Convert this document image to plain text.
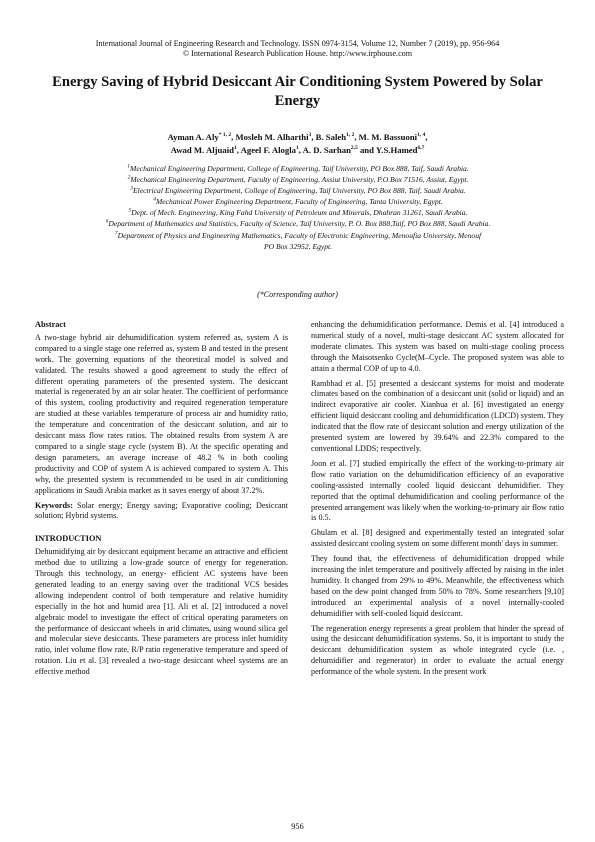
International Journal of Engineering Research and Technology. ISSN 0974-3154, Volume 12, Number 7 (2019), pp. 956-964
© International Research Publication House. http://www.irphouse.com
Energy Saving of Hybrid Desiccant Air Conditioning System Powered by Solar Energy
Ayman A. Aly$^{* 1, 2}$, Mosleh M. Alharthi$^3$, B. Saleh$^{1, 2}$, M. M. Bassuoni$^{1, 4}$,
Awad M. Aljuaid$^1$, Ageel F. Alogla$^1$, A. D. Sarhan$^{2,5}$ and Y.S.Hamed$^{6,7}$
$^1$Mechanical Engineering Department, College of Engineering, Taif University, PO Box 888, Taif, Saudi Arabia.
$^2$Mechanical Engineering Department, Faculty of Engineering, Assiut University, P.O.Box 71516, Assiut, Egypt.
$^3$Electrical Engineering Department, College of Engineering, Taif University, PO Box 888, Taif, Saudi Arabia.
$^4$Mechanical Power Engineering Department, Faculty of Engineering, Tanta University, Egypt.
$^5$Dept. of Mech. Engineering, King Fahd University of Petroleum and Minerals, Dhahran 31261, Saudi Arabia.
$^6$Department of Mathematics and Statistics, Faculty of Science, Taif University, P. O. Box 888,Taif, PO Box 888, Saudi Arabia.
$^7$Department of Physics and Engineering Mathematics, Faculty of Electronic Engineering, Menoufia University, Menouf
PO Box 32952, Egypt.
(*Corresponding author)
Abstract

A two-stage hybrid air dehumidification system referred as, system A is compared to a single stage one referred as, system B and tested in the present work. The governing equations of the theoretical model is solved and validated. The results showed a good agreement to study the effect of different operating parameters of the presented system. The desiccant material is regenerated by an air solar heater. The coefficient of performance of this system, cooling productivity and required regeneration temperature are studied at these variables temperature of process air and humidity ratio, the temperature and concentration of the desiccant solution, and air to desiccant mass flow rates ratios. The obtained results from system A are compared to a single stage cycle (system B). At the specific operating and design parameters, an average increase of 48.2 % in both cooling productivity and COP of system A is achieved compared to system A. This why, the presented system is recommended to be used in air conditioning applications in Saudi Arabia market as it saves energy of about 37.2%.

Keywords: Solar energy; Energy saving; Evaporative cooling; Desiccant solution; Hybrid systems.

INTRODUCTION

Dehumidifying air by desiccant equipment became an attractive and efficient method due to utilizing a low-grade source of energy for regeneration. Through this technology, an energy- efficient AC systems have been generated leading to an energy saving over the traditional VCS besides allowing independent control of both temperature and relative humidity especially in the hot and humid area [1]. Ali et al. [2] introduced a novel algebraic model to investigate the effect of critical operating parameters on the performance of desiccant wheels in arid climates, using wound silica gel and molecular sieve desiccants. These parameters are process inlet humidity ratio, inlet volume flow rate, R/P ratio regenerative temperature and speed of rotation. Liu et al. [3] revealed a two-stage desiccant wheel systems are an effective method

enhancing the dehumidification performance. Demis et al. [4] introduced a numerical study of a novel, multi-stage desiccant AC system allocated for moderate climates. This system was based on multi-stage cooling process through the Maisotsenko Cycle(M–Cycle. The proposed system was able to attain a thermal COP of up to 4.0.

Rambhad et al. [5] presented a desiccant systems for moist and moderate climates based on the combination of a desiccant unit (solid or liquid) and an indirect evaporative air cooler. Xianhua et al. [6] investigated an energy efficient liquid desiccant cooling and dehumidification (LDCD) system. They indicated that the flow rate of desiccant solution and energy utilization of the presented system are lowered by 39.64% and 22.3% compared to the conventional LDDS; respectively.

Joon et al. [7] studied empirically the effect of the working-to-primary air flow ratio variation on the dehumidification efficiency of an evaporative cooling-assisted internally cooled liquid desiccant dehumidifier. They reported that the optimal dehumidification and cooling performance of the presented arrangement was likely when the working-to-primary air flow ratio is 0.5.

Ghulam et al. [8] designed and experimentally tested an integrated solar assisted desiccant cooling system on some different month' days in summer.

They found that, the effectiveness of dehumidification dropped while increasing the inlet temperature and positively affected by raising in the inlet humidity. It changed from 29% to 49%. Meanwhile, the effectiveness which based on the dew point changed from 50% to 78%. Some researchers [9,10] introduced an experimental analysis of a novel internally-cooled dehumidifier with self-cooled liquid desiccant.

The regeneration energy represents a great problem that hinder the spread of using the desiccant dehumidification systems. So, it is important to study the desiccant dehumidification system as whole integrated cycle (i.e. , dehumidifier and regenerator) in order to evaluate the actual energy performance of the whole system. In the present work

956
